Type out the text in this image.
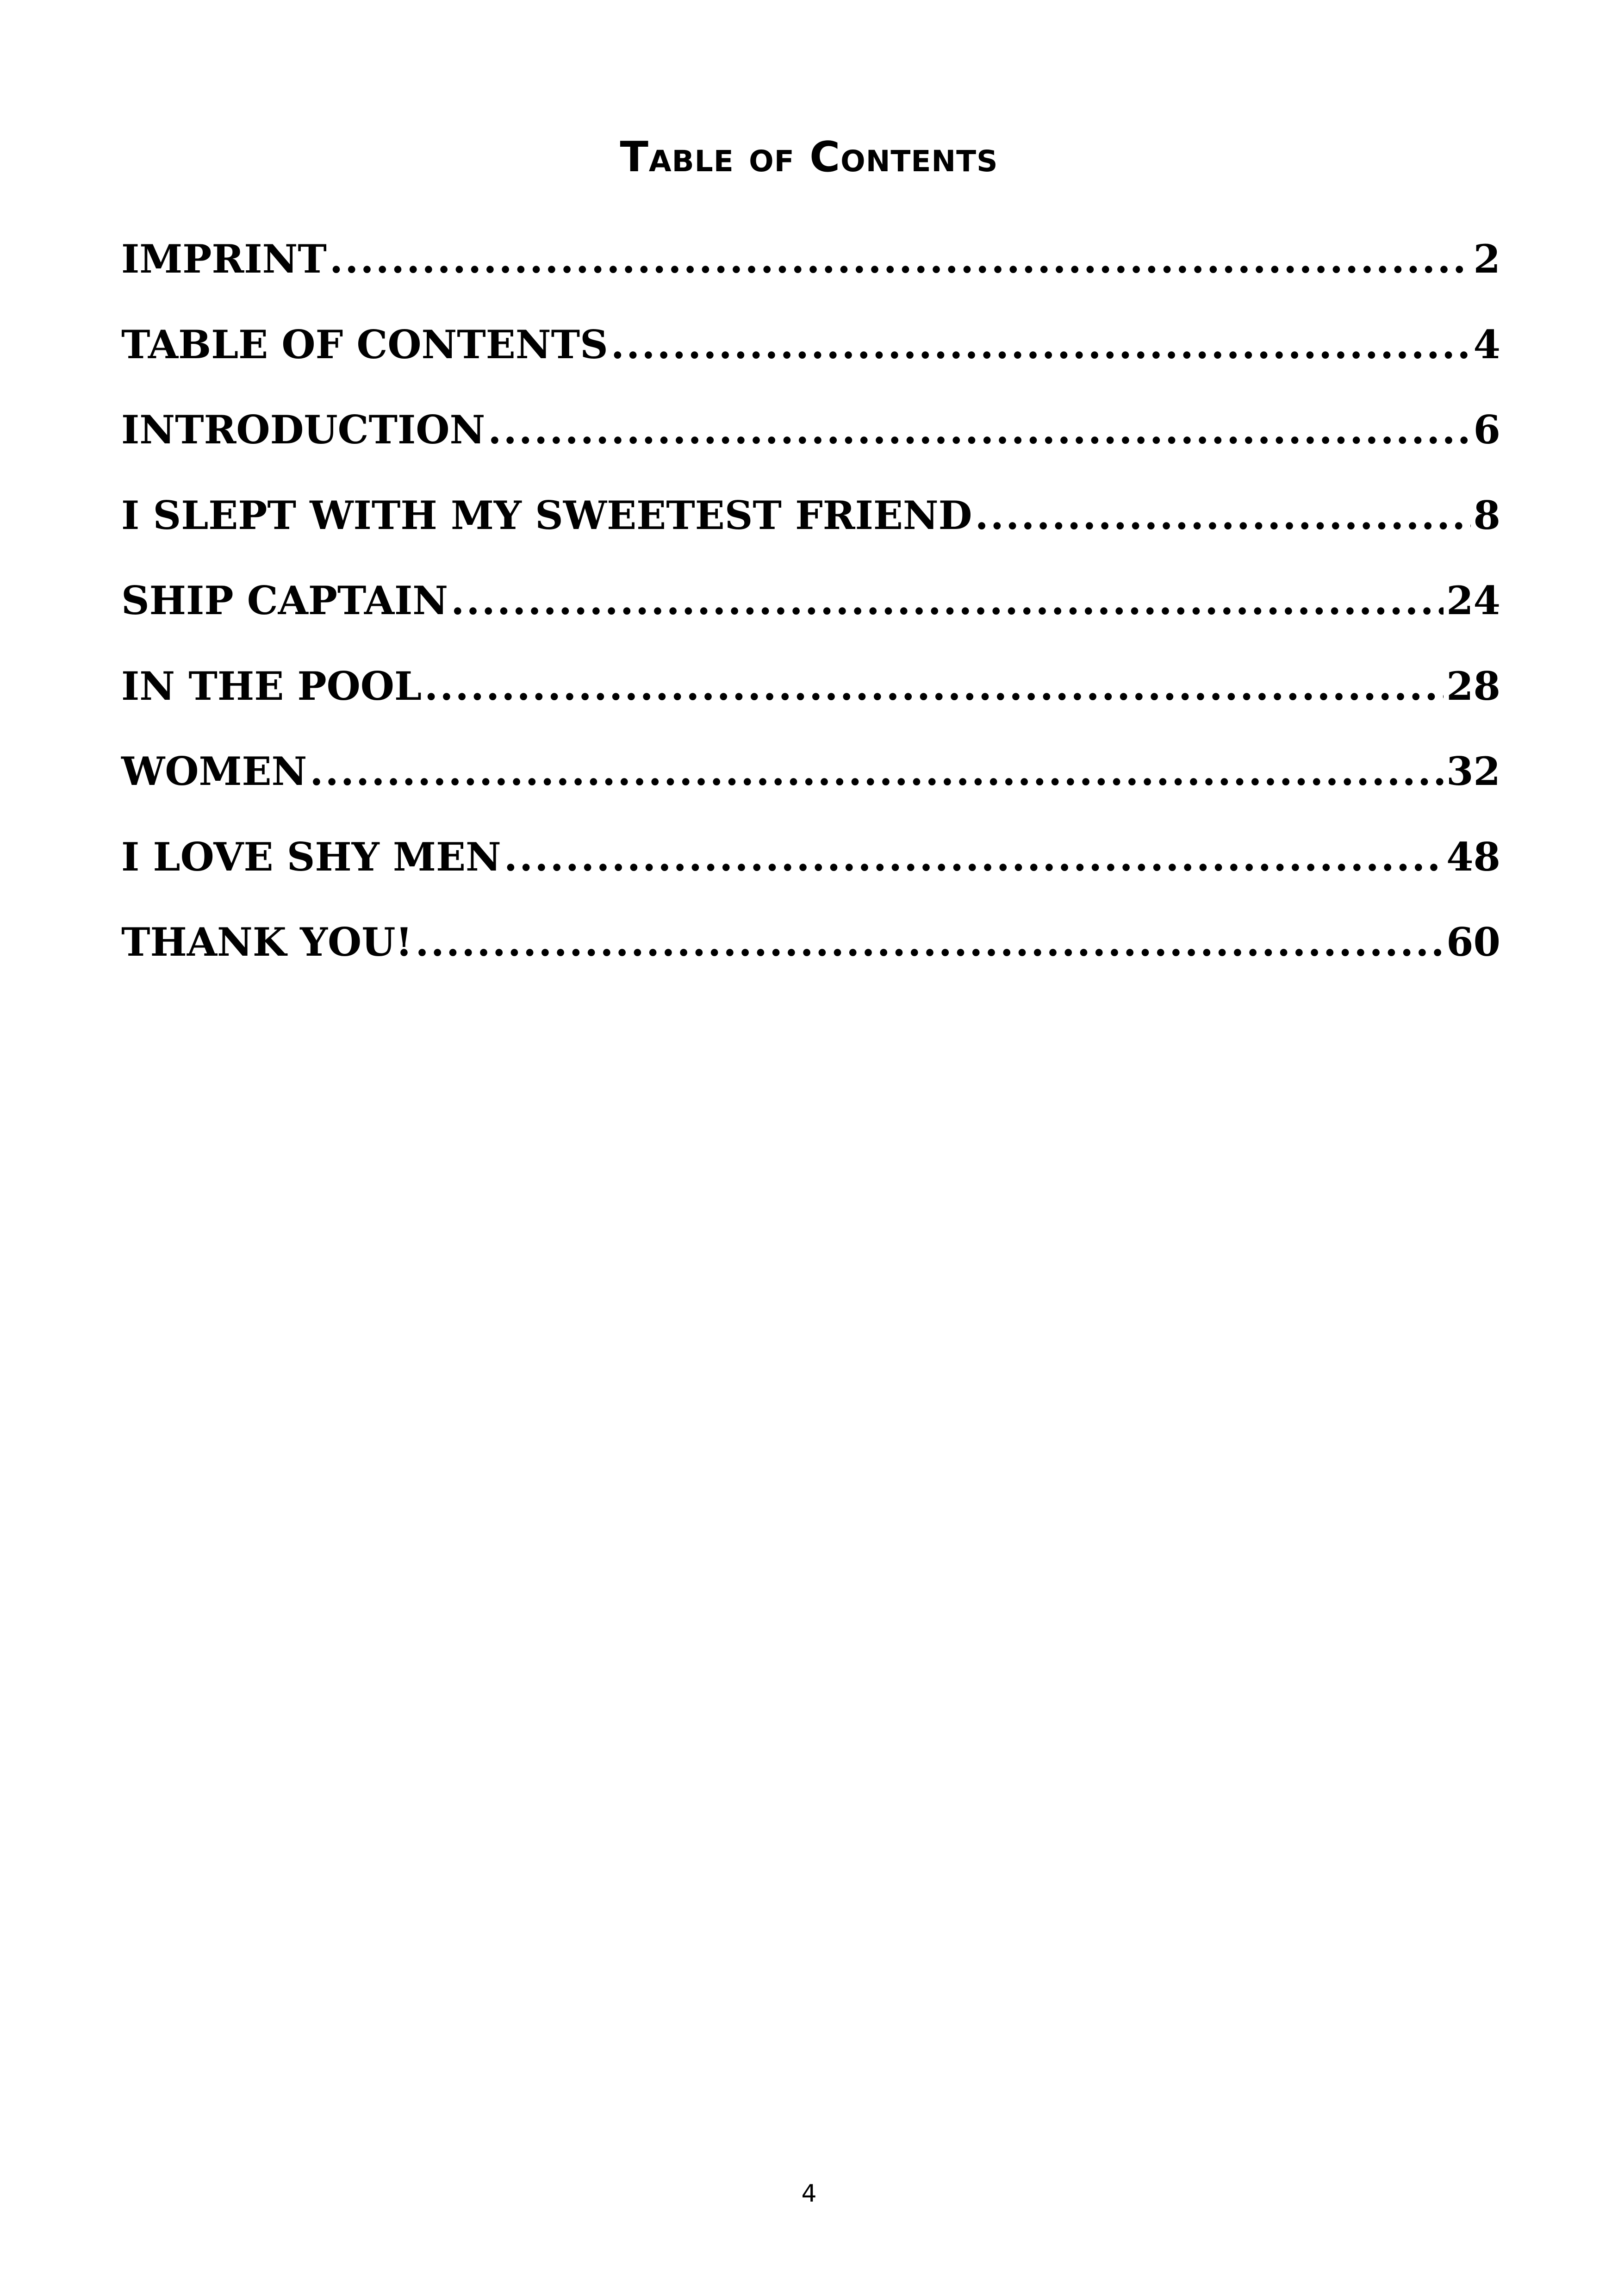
Table of Contents
IMPRINT .....	2
TABLE OF CONTENTS .....	4
INTRODUCTION .....	6
I SLEPT WITH MY SWEETEST FRIEND .....	8
SHIP CAPTAIN .....	24
IN THE POOL .....	28
WOMEN .....	32
I LOVE SHY MEN .....	48
THANK YOU! .....	60
4
